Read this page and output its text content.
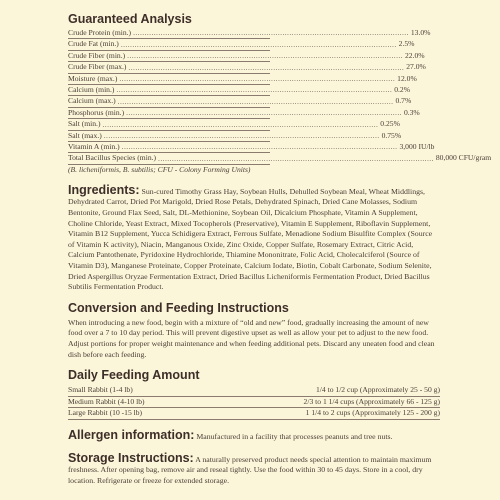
Guaranteed Analysis
Crude Protein (min.) ........................................................................................................................ 13.0%
Crude Fat (min.) ........................................................................................................................ 2.5%
Crude Fiber (min.) ........................................................................................................................ 22.0%
Crude Fiber (max.) ........................................................................................................................ 27.0%
Moisture (max.) ........................................................................................................................ 12.0%
Calcium (min.) ........................................................................................................................ 0.2%
Calcium (max.) ........................................................................................................................ 0.7%
Phosphorus (min.) ........................................................................................................................ 0.3%
Salt (min.) ........................................................................................................................ 0.25%
Salt (max.) ........................................................................................................................ 0.75%
Vitamin A (min.) ........................................................................................................................ 3,000 IU/lb
Total Bacillus Species (min.) ........................................................................................................................ 80,000 CFU/gram
(B. licheniformis, B. subtilis; CFU - Colony Forming Units)
Ingredients: Sun-cured Timothy Grass Hay, Soybean Hulls, Dehulled Soybean Meal, Wheat Middlings, Dehydrated Carrot, Dried Pot Marigold, Dried Rose Petals, Dehydrated Spinach, Dried Cane Molasses, Sodium Bentonite, Ground Flax Seed, Salt, DL-Methionine, Soybean Oil, Dicalcium Phosphate, Vitamin A Supplement, Choline Chloride, Yeast Extract, Mixed Tocopherols (Preservative), Vitamin E Supplement, Riboflavin Supplement, Vitamin B12 Supplement, Yucca Schidigera Extract, Ferrous Sulfate, Menadione Sodium Bisulfite Complex (Source of Vitamin K activity), Niacin, Manganous Oxide, Zinc Oxide, Copper Sulfate, Rosemary Extract, Citric Acid, Calcium Pantothenate, Pyridoxine Hydrochloride, Thiamine Mononitrate, Folic Acid, Cholecalciferol (Source of Vitamin D3), Manganese Proteinate, Copper Proteinate, Calcium Iodate, Biotin, Cobalt Carbonate, Sodium Selenite, Dried Aspergillus Oryzae Fermentation Extract, Dried Bacillus Licheniformis Fermentation Product, Dried Bacillus Subtilis Fermentation Product.
Conversion and Feeding Instructions
When introducing a new food, begin with a mixture of “old and new” food, gradually increasing the amount of new food over a 7 to 10 day period. This will prevent digestive upset as well as allow your pet to adjust to the new food. Adjust portions for proper weight maintenance and when feeding additional pets. Discard any uneaten food and clean dish before each feeding.
Daily Feeding Amount
Small Rabbit (1-4 lb)	1/4 to 1/2 cup (Approximately 25 - 50 g)
Medium Rabbit (4-10 lb)	2/3 to 1 1/4 cups (Approximately 66 - 125 g)
Large Rabbit (10 -15 lb)	1 1/4 to 2 cups (Approximately 125 - 200 g)
Allergen information: Manufactured in a facility that processes peanuts and tree nuts.
Storage Instructions: A naturally preserved product needs special attention to maintain maximum freshness. After opening bag, remove air and reseal tightly. Use the food within 30 to 45 days. Store in a cool, dry location. Refrigerate or freeze for extended storage.
